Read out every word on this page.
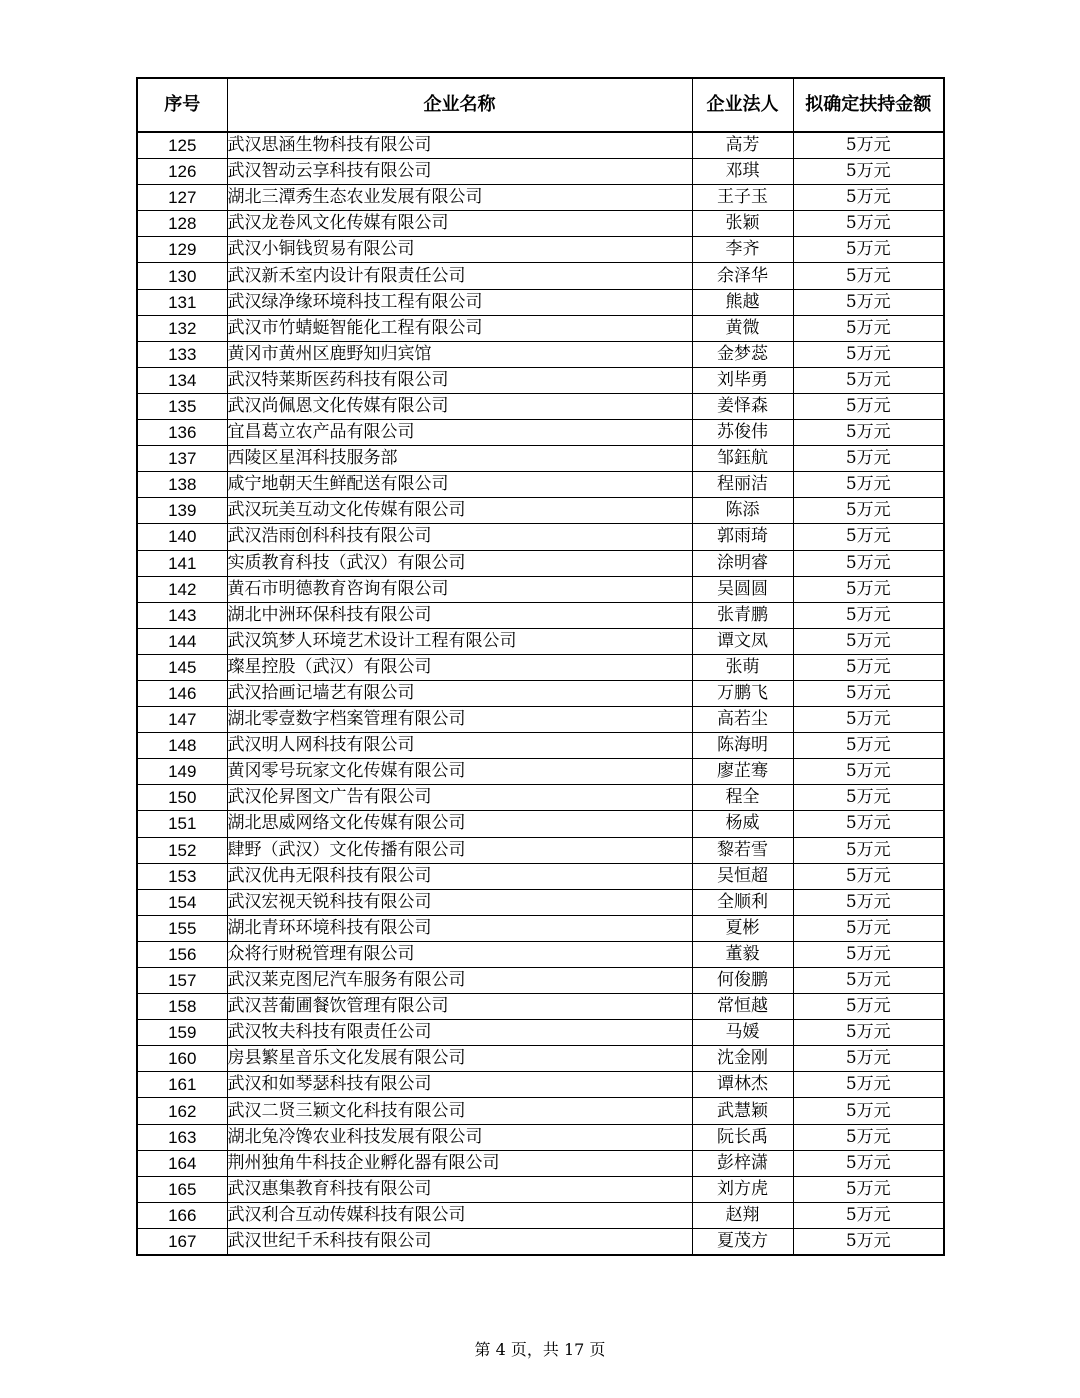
序号	企业名称	企业法人	拟确定扶持金额
125	武汉思涵生物科技有限公司	高芳	5万元
126	武汉智动云享科技有限公司	邓琪	5万元
127	湖北三潭秀生态农业发展有限公司	王子玉	5万元
128	武汉龙卷风文化传媒有限公司	张颖	5万元
129	武汉小铜钱贸易有限公司	李齐	5万元
130	武汉新禾室内设计有限责任公司	余泽华	5万元
131	武汉绿净缘环境科技工程有限公司	熊越	5万元
132	武汉市竹蜻蜓智能化工程有限公司	黄微	5万元
133	黄冈市黄州区鹿野知归宾馆	金梦蕊	5万元
134	武汉特莱斯医药科技有限公司	刘毕勇	5万元
135	武汉尚佩恩文化传媒有限公司	姜怿森	5万元
136	宜昌葛立农产品有限公司	苏俊伟	5万元
137	西陵区星洱科技服务部	邹鈺航	5万元
138	咸宁地朝天生鲜配送有限公司	程丽洁	5万元
139	武汉玩美互动文化传媒有限公司	陈添	5万元
140	武汉浩雨创科科技有限公司	郭雨琦	5万元
141	实质教育科技（武汉）有限公司	涂明睿	5万元
142	黄石市明德教育咨询有限公司	吴圆圆	5万元
143	湖北中洲环保科技有限公司	张青鹏	5万元
144	武汉筑梦人环境艺术设计工程有限公司	谭文凤	5万元
145	璨星控股（武汉）有限公司	张萌	5万元
146	武汉拾画记墙艺有限公司	万鹏飞	5万元
147	湖北零壹数字档案管理有限公司	高若尘	5万元
148	武汉明人网科技有限公司	陈海明	5万元
149	黄冈零号玩家文化传媒有限公司	廖芷骞	5万元
150	武汉伦昇图文广告有限公司	程全	5万元
151	湖北思威网络文化传媒有限公司	杨威	5万元
152	肆野（武汉）文化传播有限公司	黎若雪	5万元
153	武汉优冉无限科技有限公司	吴恒超	5万元
154	武汉宏视天锐科技有限公司	全顺利	5万元
155	湖北青环环境科技有限公司	夏彬	5万元
156	众将行财税管理有限公司	董毅	5万元
157	武汉莱克图尼汽车服务有限公司	何俊鹏	5万元
158	武汉菩葡圃餐饮管理有限公司	常恒越	5万元
159	武汉牧夫科技有限责任公司	马媛	5万元
160	房县繁星音乐文化发展有限公司	沈金刚	5万元
161	武汉和如琴瑟科技有限公司	谭林杰	5万元
162	武汉二贤三颖文化科技有限公司	武慧颖	5万元
163	湖北兔冷馋农业科技发展有限公司	阮长禹	5万元
164	荆州独角牛科技企业孵化器有限公司	彭梓潇	5万元
165	武汉惠集教育科技有限公司	刘方虎	5万元
166	武汉利合互动传媒科技有限公司	赵翔	5万元
167	武汉世纪千禾科技有限公司	夏茂方	5万元
第 4 页，共 17 页
